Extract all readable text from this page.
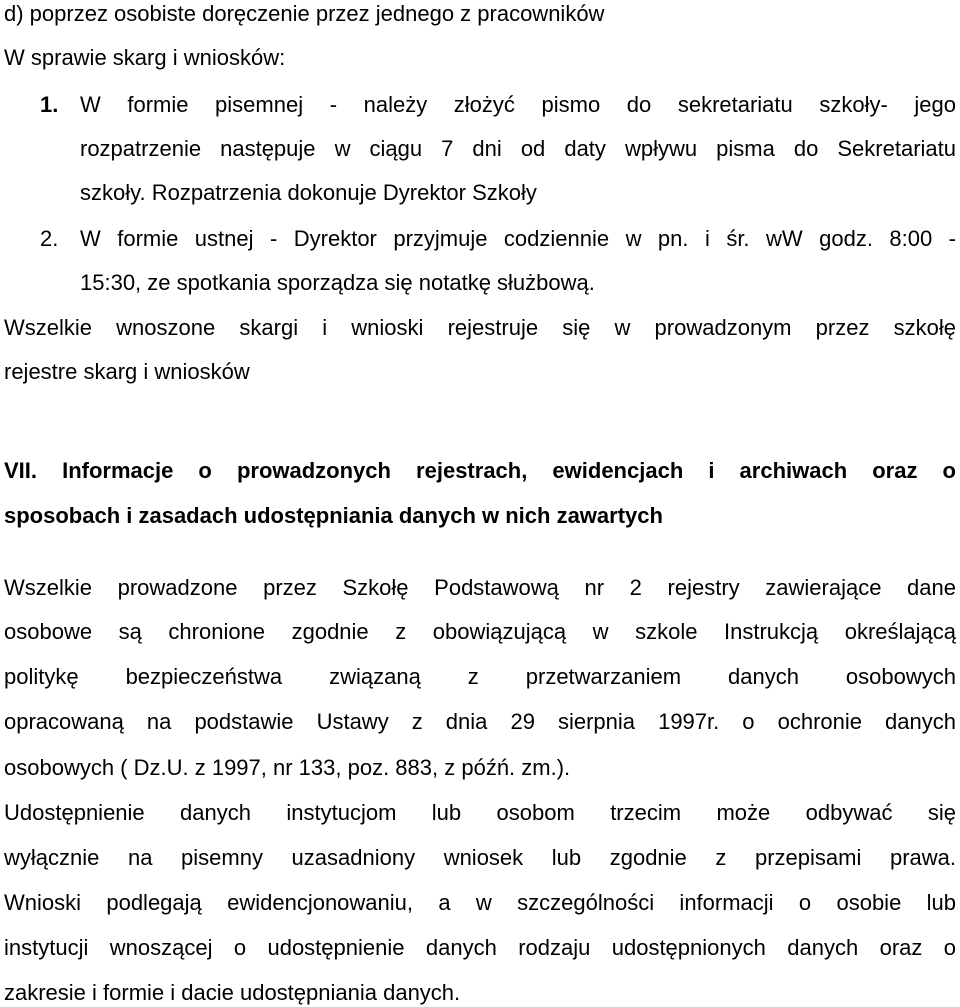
d) poprzez osobiste doręczenie przez jednego z pracowników
W sprawie skarg i wniosków:
1. W formie pisemnej - należy złożyć pismo do sekretariatu szkoły- jego
rozpatrzenie następuje w ciągu 7 dni od daty wpływu pisma do Sekretariatu
szkoły. Rozpatrzenia dokonuje Dyrektor Szkoły
2. W formie ustnej - Dyrektor przyjmuje codziennie w pn. i śr. wW godz. 8:00 -
15:30, ze spotkania sporządza się notatkę służbową.
Wszelkie wnoszone skargi i wnioski rejestruje się w prowadzonym przez szkołę
rejestre skarg i wniosków
VII. Informacje o prowadzonych rejestrach, ewidencjach i archiwach oraz o
sposobach i zasadach udostępniania danych w nich zawartych
Wszelkie prowadzone przez Szkołę Podstawową nr 2 rejestry zawierające dane
osobowe są chronione zgodnie z obowiązującą w szkole Instrukcją określającą
politykę bezpieczeństwa związaną z przetwarzaniem danych osobowych
opracowaną na podstawie Ustawy z dnia 29 sierpnia 1997r. o ochronie danych
osobowych ( Dz.U. z 1997, nr 133, poz. 883, z późń. zm.).
Udostępnienie danych instytucjom lub osobom trzecim może odbywać się
wyłącznie na pisemny uzasadniony wniosek lub zgodnie z przepisami prawa.
Wnioski podlegają ewidencjonowaniu, a w szczególności informacji o osobie lub
instytucji wnoszącej o udostępnienie danych rodzaju udostępnionych danych oraz o
zakresie i formie i dacie udostępniania danych.
